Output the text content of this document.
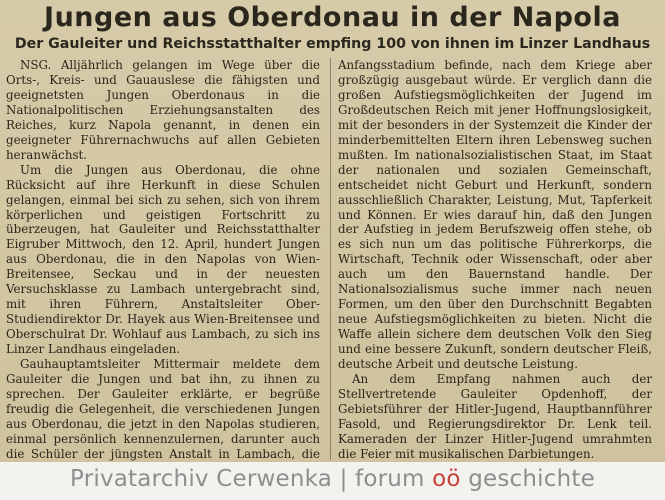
Jungen aus Oberdonau in der Napola
Der Gauleiter und Reichsstatthalter empfing 100 von ihnen im Linzer Landhaus

NSG. Alljährlich gelangen im Wege über die Orts-, Kreis- und Gauauslese die fähigsten und geeignetsten Jungen Oberdonaus in die Nationalpolitischen Erziehungsanstalten des Reiches, kurz Napola genannt, in denen ein geeigneter Führernachwuchs auf allen Gebieten heranwächst.

Um die Jungen aus Oberdonau, die ohne Rücksicht auf ihre Herkunft in diese Schulen gelangen, einmal bei sich zu sehen, sich von ihrem körperlichen und geistigen Fortschritt zu überzeugen, hat Gauleiter und Reichsstatthalter Eigruber Mittwoch, den 12. April, hundert Jungen aus Oberdonau, die in den Napolas von Wien-Breitensee, Seckau und in der neuesten Versuchsklasse zu Lambach untergebracht sind, mit ihren Führern, Anstaltsleiter Ober-Studiendirektor Dr. Hayek aus Wien-Breitensee und Oberschulrat Dr. Wohlauf aus Lambach, zu sich ins Linzer Landhaus eingeladen.

Gauhauptamtsleiter Mittermair meldete dem Gauleiter die Jungen und bat ihn, zu ihnen zu sprechen. Der Gauleiter erklärte, er begrüße freudig die Gelegenheit, die verschiedenen Jungen aus Oberdonau, die jetzt in den Napolas studieren, einmal persönlich kennenzulernen, darunter auch die Schüler der jüngsten Anstalt in Lambach, die

Anfangsstadium befinde, nach dem Kriege aber großzügig ausgebaut würde. Er verglich dann die großen Aufstiegsmöglichkeiten der Jugend im Großdeutschen Reich mit jener Hoffnungslosigkeit, mit der besonders in der Systemzeit die Kinder der minderbemittelten Eltern ihren Lebensweg suchen mußten. Im nationalsozialistischen Staat, im Staat der nationalen und sozialen Gemeinschaft, entscheidet nicht Geburt und Herkunft, sondern ausschließlich Charakter, Leistung, Mut, Tapferkeit und Können. Er wies darauf hin, daß den Jungen der Aufstieg in jedem Berufszweig offen stehe, ob es sich nun um das politische Führerkorps, die Wirtschaft, Technik oder Wissenschaft, oder aber auch um den Bauernstand handle. Der Nationalsozialismus suche immer nach neuen Formen, um den über den Durchschnitt Begabten neue Aufstiegsmöglichkeiten zu bieten. Nicht die Waffe allein sichere dem deutschen Volk den Sieg und eine bessere Zukunft, sondern deutscher Fleiß, deutsche Arbeit und deutsche Leistung.

An dem Empfang nahmen auch der Stellvertretende Gauleiter Opdenhoff, der Gebietsführer der Hitler-Jugend, Hauptbannführer Fasold, und Regierungsdirektor Dr. Lenk teil. Kameraden der Linzer Hitler-Jugend umrahmten die Feier mit musikalischen Darbietungen.

Privatarchiv Cerwenka | forum oö geschichte
